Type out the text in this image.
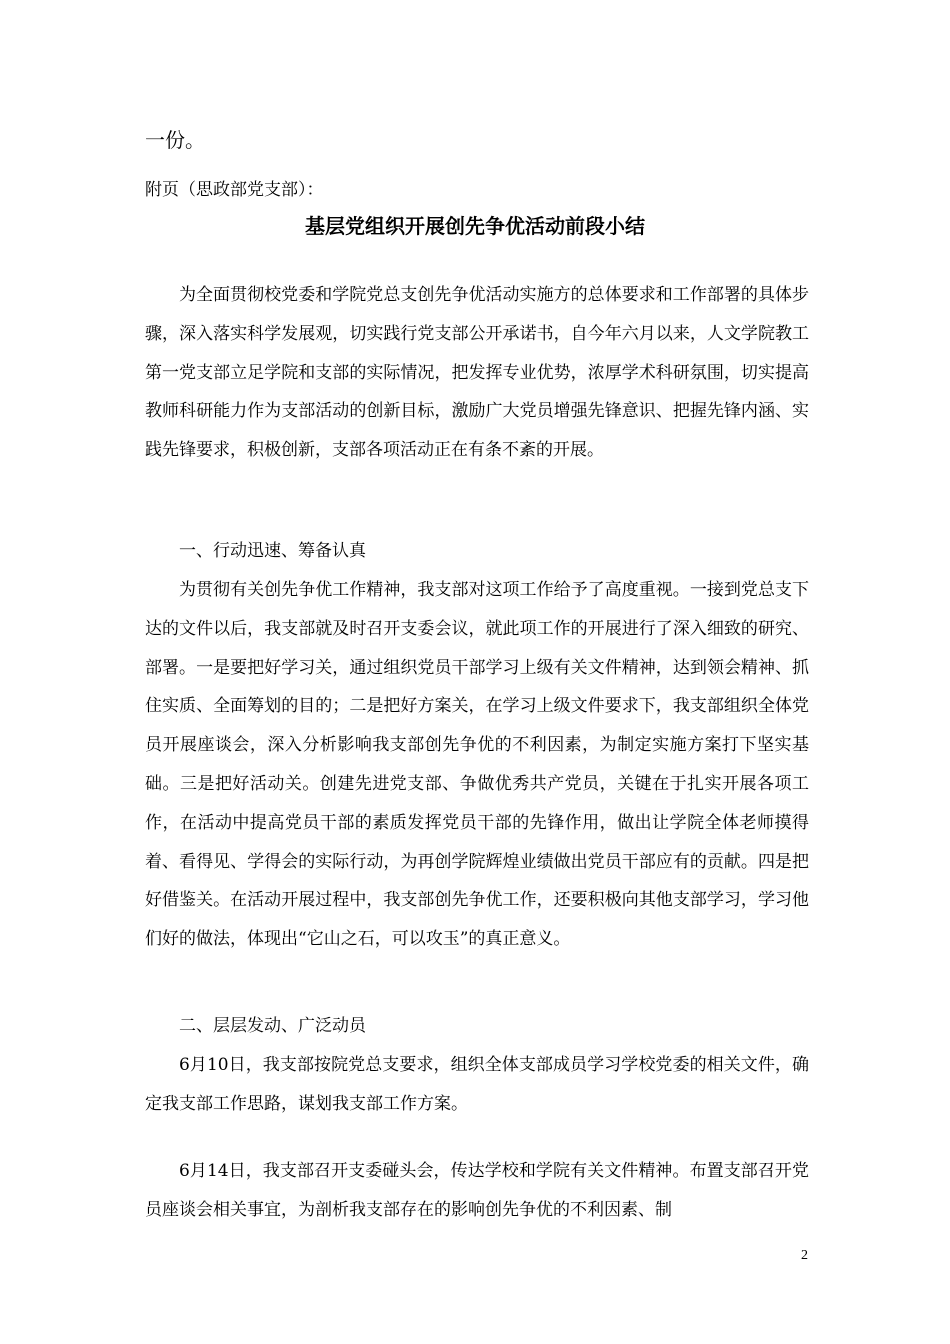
一份。

附页（思政部党支部）：

基层党组织开展创先争优活动前段小结

为全面贯彻校党委和学院党总支创先争优活动实施方的总体要求和工作部署的具体步骤，深入落实科学发展观，切实践行党支部公开承诺书，自今年六月以来，人文学院教工第一党支部立足学院和支部的实际情况，把发挥专业优势，浓厚学术科研氛围，切实提高教师科研能力作为支部活动的创新目标，激励广大党员增强先锋意识、把握先锋内涵、实践先锋要求，积极创新，支部各项活动正在有条不紊的开展。

一、行动迅速、筹备认真

为贯彻有关创先争优工作精神，我支部对这项工作给予了高度重视。一接到党总支下达的文件以后，我支部就及时召开支委会议，就此项工作的开展进行了深入细致的研究、部署。一是要把好学习关，通过组织党员干部学习上级有关文件精神，达到领会精神、抓住实质、全面筹划的目的；二是把好方案关，在学习上级文件要求下，我支部组织全体党员开展座谈会，深入分析影响我支部创先争优的不利因素，为制定实施方案打下坚实基础。三是把好活动关。创建先进党支部、争做优秀共产党员，关键在于扎实开展各项工作，在活动中提高党员干部的素质发挥党员干部的先锋作用，做出让学院全体老师摸得着、看得见、学得会的实际行动，为再创学院辉煌业绩做出党员干部应有的贡献。四是把好借鉴关。在活动开展过程中，我支部创先争优工作，还要积极向其他支部学习，学习他们好的做法，体现出“它山之石，可以攻玉”的真正意义。

二、层层发动、广泛动员

6月10日，我支部按院党总支要求，组织全体支部成员学习学校党委的相关文件，确定我支部工作思路，谋划我支部工作方案。

6月14日，我支部召开支委碰头会，传达学校和学院有关文件精神。布置支部召开党员座谈会相关事宜，为剖析我支部存在的影响创先争优的不利因素、制

2
